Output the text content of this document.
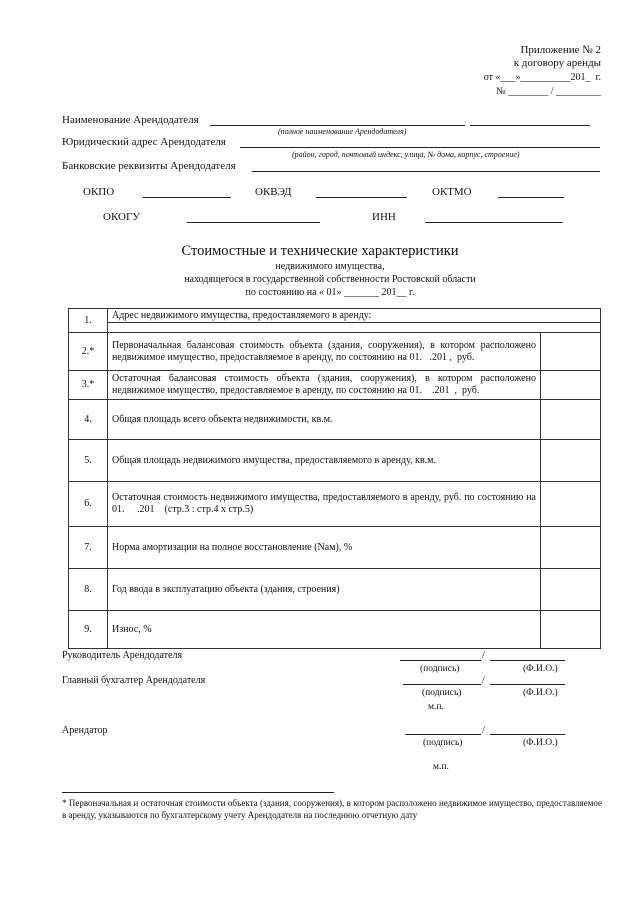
Приложение № 2
к договору аренды
от «___»__________201_  г.
№ ________ / _________
Наименование Арендодателя
(полное наименование Арендодателя)
Юридический адрес Арендодателя
(район, город, почтовый индекс, улица, № дома, корпус, строение)
Банковские реквизиты Арендодателя
ОКПО	ОКВЭД	ОКТМО
ОКОГУ	ИНН
Стоимостные и технические характеристики
недвижимого имущества,
находящегося в государственной собственности Ростовской области
по состоянию на « 01» _______ 201__ г.
1.	Адрес недвижимого имущества, предоставляемого в аренду:	

2.*	Первоначальная балансовая стоимость объекта (здания, сооружения), в котором расположено недвижимое имущество, предоставляемое в аренду, по состоянию на 01.   .201 ,  руб.	
3.*	Остаточная балансовая стоимость объекта (здания, сооружения), в котором расположено недвижимое имущество, предоставляемое в аренду, по состоянию на 01.    .201  ,  руб.	
4.	Общая площадь всего объекта недвижимости, кв.м.	
5.	Общая площадь недвижимого имущества, предоставляемого в аренду, кв.м.	
6.	Остаточная стоимость недвижимого имущества, предоставляемого в аренду, руб. по состоянию на 01.     .201    (стр.3 : стр.4 х стр.5)	
7.	Норма амортизации на полное восстановление (Nам), %	
8.	Год ввода в эксплуатацию объекта (здания, строения)	
9.	Износ, %	
Руководитель Арендодателя	/
(подпись)	(Ф.И.О.)
Главный бухгалтер Арендодателя	/
(подпись)	(Ф.И.О.)
м.п.
Арендатор	/
(подпись)	(Ф.И.О.)
м.п.
* Первоначальная и остаточная стоимости объекта (здания, сооружения), в котором расположено недвижимое имущество, предоставляемое в аренду, указываются по бухгалтерскому учету Арендодателя на последнюю отчетную дату
